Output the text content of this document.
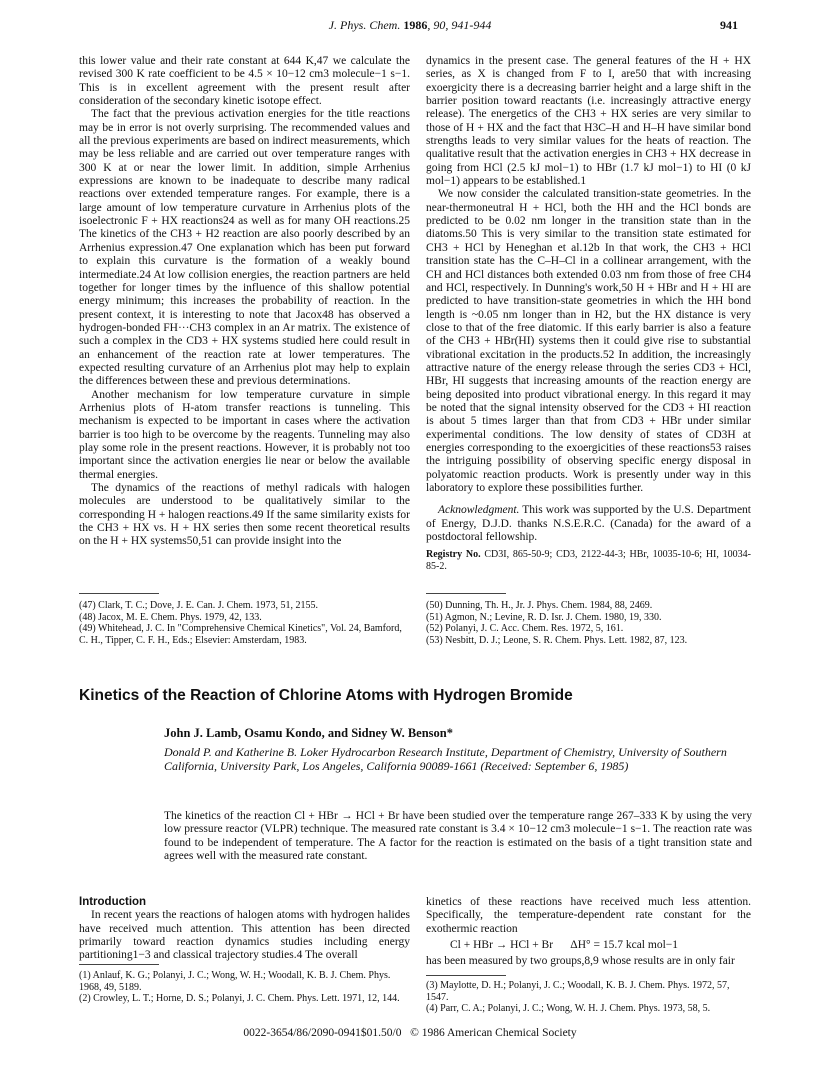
J. Phys. Chem. 1986, 90, 941-944	941

this lower value and their rate constant at 644 K,47 we calculate the revised 300 K rate coefficient to be 4.5 × 10−12 cm3 molecule−1 s−1. This is in excellent agreement with the present result after consideration of the secondary kinetic isotope effect.

The fact that the previous activation energies for the title reactions may be in error is not overly surprising. The recommended values and all the previous experiments are based on indirect measurements, which may be less reliable and are carried out over temperature ranges with 300 K at or near the lower limit. In addition, simple Arrhenius expressions are known to be inadequate to describe many radical reactions over extended temperature ranges. For example, there is a large amount of low temperature curvature in Arrhenius plots of the isoelectronic F + HX reactions24 as well as for many OH reactions.25 The kinetics of the CH3 + H2 reaction are also poorly described by an Arrhenius expression.47 One explanation which has been put forward to explain this curvature is the formation of a weakly bound intermediate.24 At low collision energies, the reaction partners are held together for longer times by the influence of this shallow potential energy minimum; this increases the probability of reaction. In the present context, it is interesting to note that Jacox48 has observed a hydrogen-bonded FH···CH3 complex in an Ar matrix. The existence of such a complex in the CD3 + HX systems studied here could result in an enhancement of the reaction rate at lower temperatures. The expected resulting curvature of an Arrhenius plot may help to explain the differences between these and previous determinations.

Another mechanism for low temperature curvature in simple Arrhenius plots of H-atom transfer reactions is tunneling. This mechanism is expected to be important in cases where the activation barrier is too high to be overcome by the reagents. Tunneling may also play some role in the present reactions. However, it is probably not too important since the activation energies lie near or below the available thermal energies.

The dynamics of the reactions of methyl radicals with halogen molecules are understood to be qualitatively similar to the corresponding H + halogen reactions.49 If the same similarity exists for the CH3 + HX vs. H + HX series then some recent theoretical results on the H + HX systems50,51 can provide insight into the

dynamics in the present case. The general features of the H + HX series, as X is changed from F to I, are50 that with increasing exoergicity there is a decreasing barrier height and a large shift in the barrier position toward reactants (i.e. increasingly attractive energy release). The energetics of the CH3 + HX series are very similar to those of H + HX and the fact that H3C–H and H–H have similar bond strengths leads to very similar values for the heats of reaction. The qualitative result that the activation energies in CH3 + HX decrease in going from HCl (2.5 kJ mol−1) to HBr (1.7 kJ mol−1) to HI (0 kJ mol−1) appears to be established.1

We now consider the calculated transition-state geometries. In the near-thermoneutral H + HCl, both the HH and the HCl bonds are predicted to be 0.02 nm longer in the transition state than in the diatoms.50 This is very similar to the transition state estimated for CH3 + HCl by Heneghan et al.12b In that work, the CH3 + HCl transition state has the C–H–Cl in a collinear arrangement, with the CH and HCl distances both extended 0.03 nm from those of free CH4 and HCl, respectively. In Dunning's work,50 H + HBr and H + HI are predicted to have transition-state geometries in which the HH bond length is ~0.05 nm longer than in H2, but the HX distance is very close to that of the free diatomic. If this early barrier is also a feature of the CH3 + HBr(HI) systems then it could give rise to substantial vibrational excitation in the products.52 In addition, the increasingly attractive nature of the energy release through the series CD3 + HCl, HBr, HI suggests that increasing amounts of the reaction energy are being deposited into product vibrational energy. In this regard it may be noted that the signal intensity observed for the CD3 + HI reaction is about 5 times larger than that from CD3 + HBr under similar experimental conditions. The low density of states of CD3H at energies corresponding to the exoergicities of these reactions53 raises the intriguing possibility of observing specific energy disposal in polyatomic reaction products. Work is presently under way in this laboratory to explore these possibilities further.

Acknowledgment. This work was supported by the U.S. Department of Energy, D.J.D. thanks N.S.E.R.C. (Canada) for the award of a postdoctoral fellowship.

Registry No. CD3I, 865-50-9; CD3, 2122-44-3; HBr, 10035-10-6; HI, 10034-85-2.

(47) Clark, T. C.; Dove, J. E. Can. J. Chem. 1973, 51, 2155.
(48) Jacox, M. E. Chem. Phys. 1979, 42, 133.
(49) Whitehead, J. C. In "Comprehensive Chemical Kinetics", Vol. 24, Bamford, C. H., Tipper, C. F. H., Eds.; Elsevier: Amsterdam, 1983.
(50) Dunning, Th. H., Jr. J. Phys. Chem. 1984, 88, 2469.
(51) Agmon, N.; Levine, R. D. Isr. J. Chem. 1980, 19, 330.
(52) Polanyi, J. C. Acc. Chem. Res. 1972, 5, 161.
(53) Nesbitt, D. J.; Leone, S. R. Chem. Phys. Lett. 1982, 87, 123.
Kinetics of the Reaction of Chlorine Atoms with Hydrogen Bromide
John J. Lamb, Osamu Kondo, and Sidney W. Benson*
Donald P. and Katherine B. Loker Hydrocarbon Research Institute, Department of Chemistry, University of Southern California, University Park, Los Angeles, California 90089-1661 (Received: September 6, 1985)
The kinetics of the reaction Cl + HBr → HCl + Br have been studied over the temperature range 267–333 K by using the very low pressure reactor (VLPR) technique. The measured rate constant is 3.4 × 10−12 cm3 molecule−1 s−1. The reaction rate was found to be independent of temperature. The A factor for the reaction is estimated on the basis of a tight transition state and agrees well with the measured rate constant.
Introduction

In recent years the reactions of halogen atoms with hydrogen halides have received much attention. This attention has been directed primarily toward reaction dynamics studies including energy partitioning1−3 and classical trajectory studies.4 The overall

kinetics of these reactions have received much less attention. Specifically, the temperature-dependent rate constant for the exothermic reaction

Cl + HBr → HCl + Br      ΔH° = 15.7 kcal mol−1

has been measured by two groups,8,9 whose results are in only fair

(1) Anlauf, K. G.; Polanyi, J. C.; Wong, W. H.; Woodall, K. B. J. Chem. Phys. 1968, 49, 5189.
(2) Crowley, L. T.; Horne, D. S.; Polanyi, J. C. Chem. Phys. Lett. 1971, 12, 144.
(3) Maylotte, D. H.; Polanyi, J. C.; Woodall, K. B. J. Chem. Phys. 1972, 57, 1547.
(4) Parr, C. A.; Polanyi, J. C.; Wong, W. H. J. Chem. Phys. 1973, 58, 5.
0022-3654/86/2090-0941$01.50/0   © 1986 American Chemical Society
